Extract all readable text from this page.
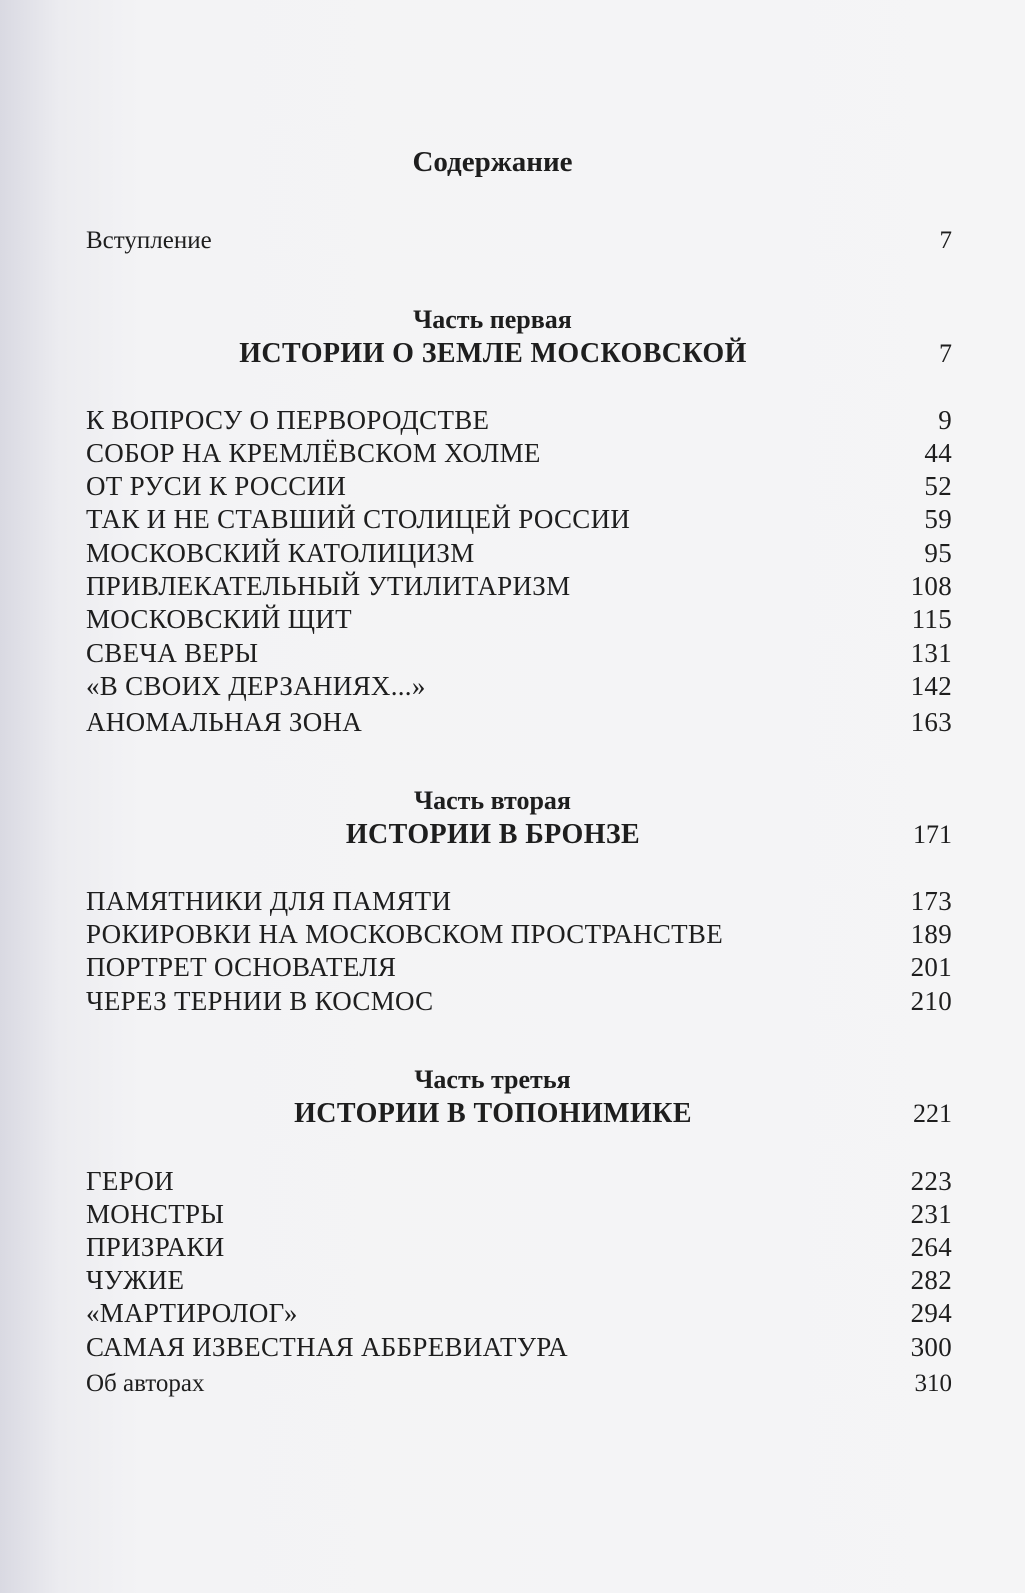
Содержание
Вступление	7
Часть первая
ИСТОРИИ О ЗЕМЛЕ МОСКОВСКОЙ	7
К ВОПРОСУ О ПЕРВОРОДСТВЕ	9
СОБОР НА КРЕМЛЁВСКОМ ХОЛМЕ	44
ОТ РУСИ К РОССИИ	52
ТАК И НЕ СТАВШИЙ СТОЛИЦЕЙ РОССИИ	59
МОСКОВСКИЙ КАТОЛИЦИЗМ	95
ПРИВЛЕКАТЕЛЬНЫЙ УТИЛИТАРИЗМ	108
МОСКОВСКИЙ ЩИТ	115
СВЕЧА ВЕРЫ	131
«В СВОИХ ДЕРЗАНИЯХ...»	142
АНОМАЛЬНАЯ ЗОНА	163
Часть вторая
ИСТОРИИ В БРОНЗЕ	171
ПАМЯТНИКИ ДЛЯ ПАМЯТИ	173
РОКИРОВКИ НА МОСКОВСКОМ ПРОСТРАНСТВЕ	189
ПОРТРЕТ ОСНОВАТЕЛЯ	201
ЧЕРЕЗ ТЕРНИИ В КОСМОС	210
Часть третья
ИСТОРИИ В ТОПОНИМИКЕ	221
ГЕРОИ	223
МОНСТРЫ	231
ПРИЗРАКИ	264
ЧУЖИЕ	282
«МАРТИРОЛОГ»	294
САМАЯ ИЗВЕСТНАЯ АББРЕВИАТУРА	300
Об авторах	310
